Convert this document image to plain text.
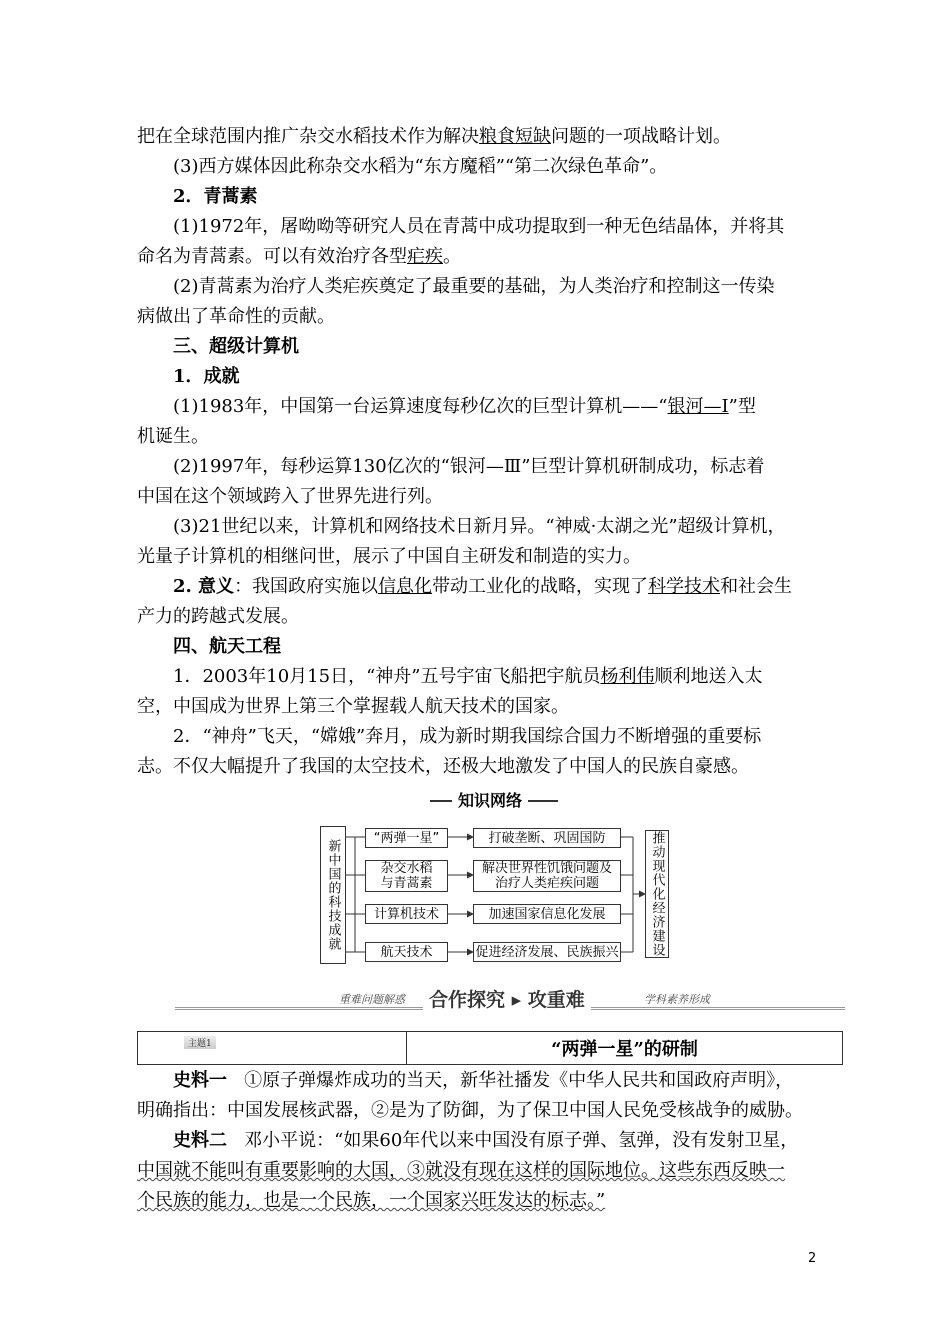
把在全球范围内推广杂交水稻技术作为解决粮食短缺问题的一项战略计划。
(3)西方媒体因此称杂交水稻为“东方魔稻”“第二次绿色革命”。
2．青蒿素
(1)1972年，屠呦呦等研究人员在青蒿中成功提取到一种无色结晶体，并将其
命名为青蒿素。可以有效治疗各型疟疾。
(2)青蒿素为治疗人类疟疾奠定了最重要的基础，为人类治疗和控制这一传染
病做出了革命性的贡献。
三、超级计算机
1．成就
(1)1983年，中国第一台运算速度每秒亿次的巨型计算机——“银河—Ⅰ”型
机诞生。
(2)1997年，每秒运算130亿次的“银河—Ⅲ”巨型计算机研制成功，标志着
中国在这个领域跨入了世界先进行列。
(3)21世纪以来，计算机和网络技术日新月异。“神威·太湖之光”超级计算机，
光量子计算机的相继问世，展示了中国自主研发和制造的实力。
2. 意义：我国政府实施以信息化带动工业化的战略，实现了科学技术和社会生
产力的跨越式发展。
四、航天工程
1．2003年10月15日，“神舟”五号宇宙飞船把宇航员杨利伟顺利地送入太
空，中国成为世界上第三个掌握载人航天技术的国家。
2．“神舟”飞天，“嫦娥”奔月，成为新时期我国综合国力不断增强的重要标
志。不仅大幅提升了我国的太空技术，还极大地激发了中国人的民族自豪感。
知识网络
新中国的科技成就
“两弹一星”	打破垄断、巩固国防
杂交水稻与青蒿素
解决世界性饥饿问题及治疗人类疟疾问题
计算机技术	加速国家信息化发展
航天技术	促进经济发展、民族振兴	推动现代化经济建设
重难问题解惑	合作探究 ▸ 攻重难	学科素养形成
主题1	“两弹一星”的研制
史料一 ①原子弹爆炸成功的当天，新华社播发《中华人民共和国政府声明》，
明确指出：中国发展核武器，②是为了防御，为了保卫中国人民免受核战争的威胁。
史料二 邓小平说：“如果60年代以来中国没有原子弹、氢弹，没有发射卫星，
中国就不能叫有重要影响的大国，③就没有现在这样的国际地位。这些东西反映一
个民族的能力，也是一个民族，一个国家兴旺发达的标志。”
2
